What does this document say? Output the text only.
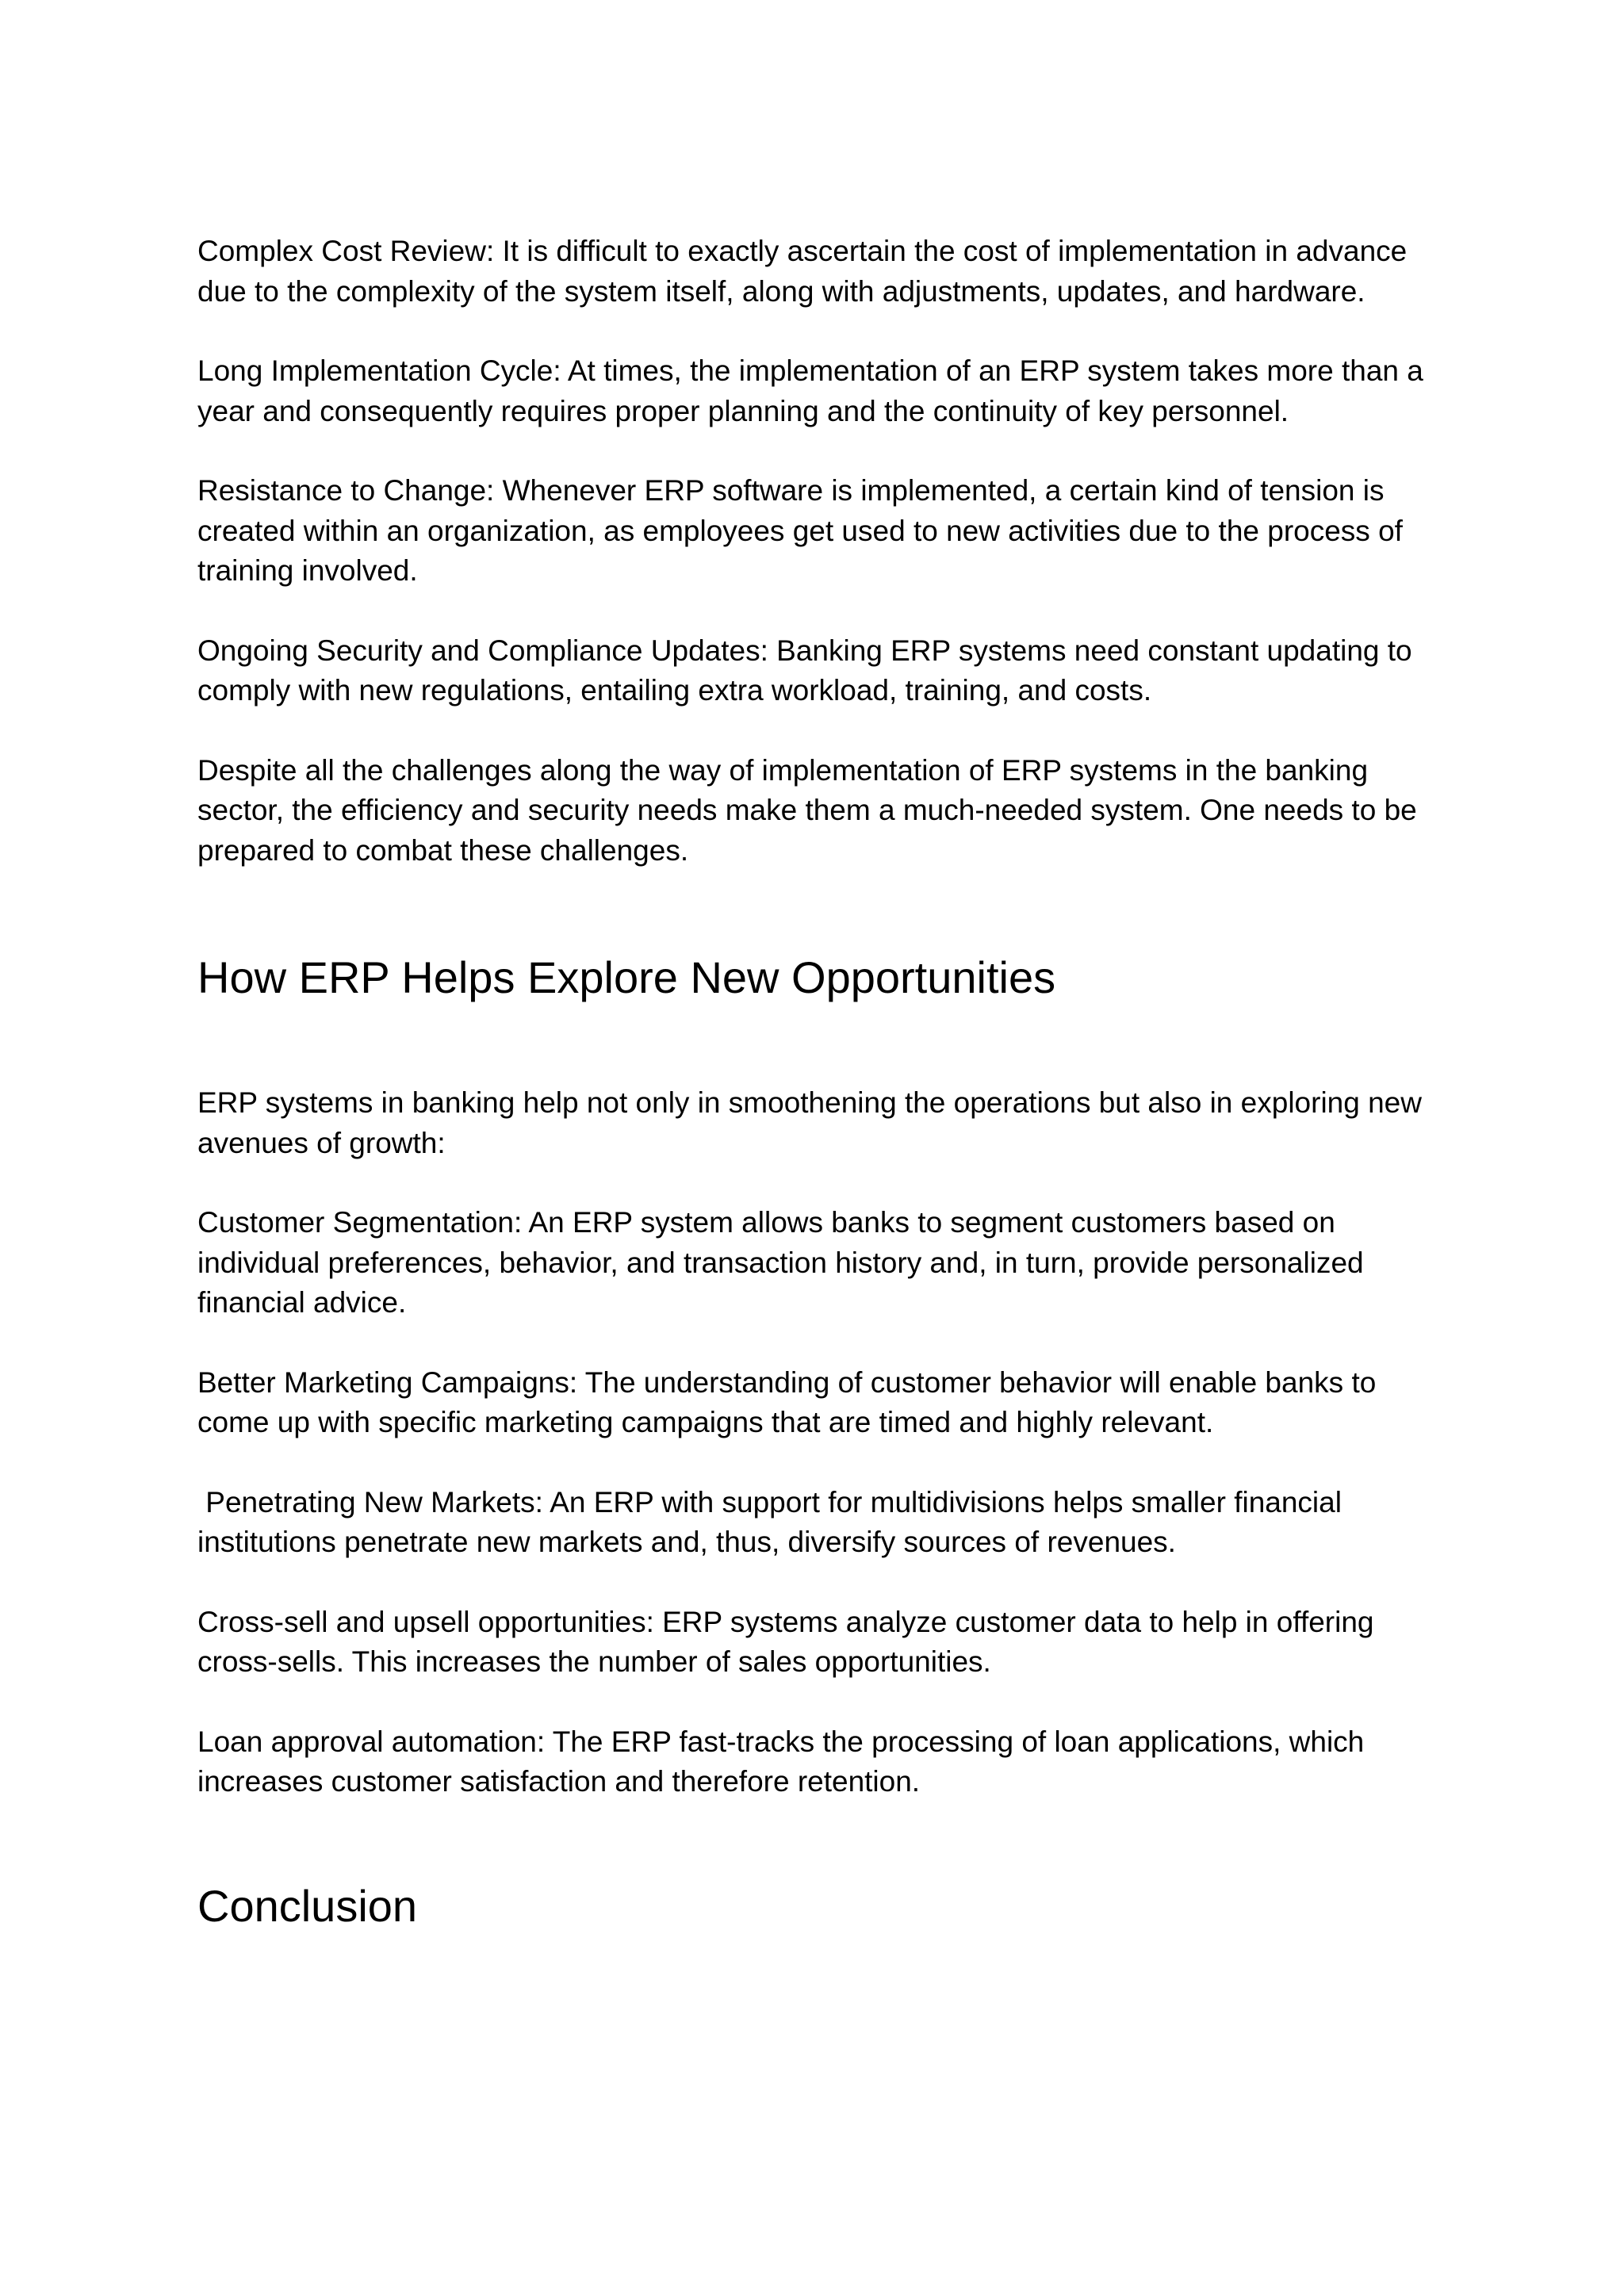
Complex Cost Review: It is difficult to exactly ascertain the cost of implementation in advance due to the complexity of the system itself, along with adjustments, updates, and hardware.

Long Implementation Cycle: At times, the implementation of an ERP system takes more than a year and consequently requires proper planning and the continuity of key personnel.

Resistance to Change: Whenever ERP software is implemented, a certain kind of tension is created within an organization, as employees get used to new activities due to the process of training involved.

Ongoing Security and Compliance Updates: Banking ERP systems need constant updating to comply with new regulations, entailing extra workload, training, and costs.

Despite all the challenges along the way of implementation of ERP systems in the banking sector, the efficiency and security needs make them a much-needed system. One needs to be prepared to combat these challenges.

How ERP Helps Explore New Opportunities

ERP systems in banking help not only in smoothening the operations but also in exploring new avenues of growth:

Customer Segmentation: An ERP system allows banks to segment customers based on individual preferences, behavior, and transaction history and, in turn, provide personalized financial advice.

Better Marketing Campaigns: The understanding of customer behavior will enable banks to come up with specific marketing campaigns that are timed and highly relevant.

Penetrating New Markets: An ERP with support for multidivisions helps smaller financial institutions penetrate new markets and, thus, diversify sources of revenues.

Cross-sell and upsell opportunities: ERP systems analyze customer data to help in offering cross-sells. This increases the number of sales opportunities.

Loan approval automation: The ERP fast-tracks the processing of loan applications, which increases customer satisfaction and therefore retention.

Conclusion
